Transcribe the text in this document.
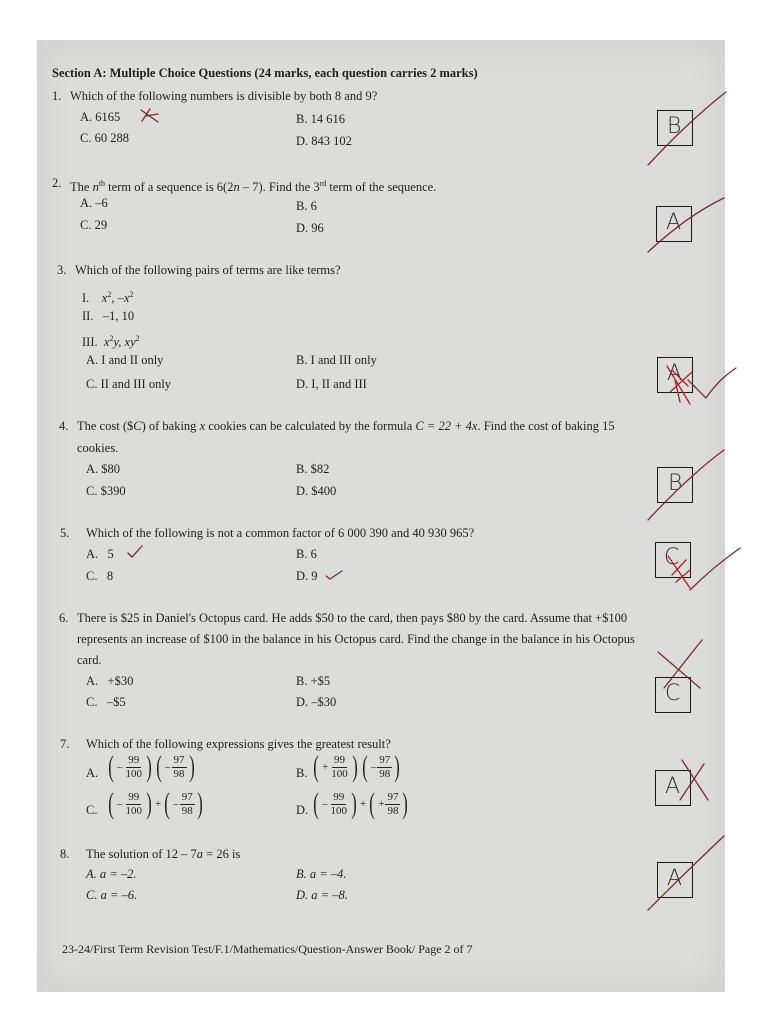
Section A: Multiple Choice Questions (24 marks, each question carries 2 marks)
1. Which of the following numbers is divisible by both 8 and 9?
A. 6165	B. 14 616
C. 60 288	D. 843 102
B
2. The $n^{th}$ term of a sequence is 6(2n – 7). Find the 3rd term of the sequence.
A. –6	B. 6
C. 29	D. 96	A
3. Which of the following pairs of terms are like terms?
I. $x^2$, $-x^2$
II. –1, 10
III. $x^2y$, $xy^2$
A. I and II only	B. I and III only
C. II and III only	D. I, II and III	A
4. The cost ($C) of baking x cookies can be calculated by the formula C = 22 + 4x. Find the cost of baking 15
cookies.
A. $80	B. $82
C. $390	D. $400	B
5. Which of the following is not a common factor of 6 000 390 and 40 930 965?
A. 5	B. 6
C. 8	D. 9
C
6. There is $25 in Daniel's Octopus card. He adds $50 to the card, then pays $80 by the card. Assume that +$100
represents an increase of $100 in the balance in his Octopus card. Find the change in the balance in his Octopus
card.
A. +$30	B. +$5
C. –$5	D. –$30	C
7. Which of the following expressions gives the greatest result?
A. ( – $\frac{99}{100}$ ) ( – $\frac{97}{98}$ )	B. ( + $\frac{99}{100}$ ) ( – $\frac{97}{98}$ )
C. ( – $\frac{99}{100}$ ) + ( – $\frac{97}{98}$ )	D. ( – $\frac{99}{100}$ ) + ( + $\frac{97}{98}$ )
A
8. The solution of 12 – 7a = 26 is
A. a = –2.	B. a = –4.
C. a = –6.	D. a = –8.
A
23-24/First Term Revision Test/F.1/Mathematics/Question-Answer Book/ Page 2 of 7
